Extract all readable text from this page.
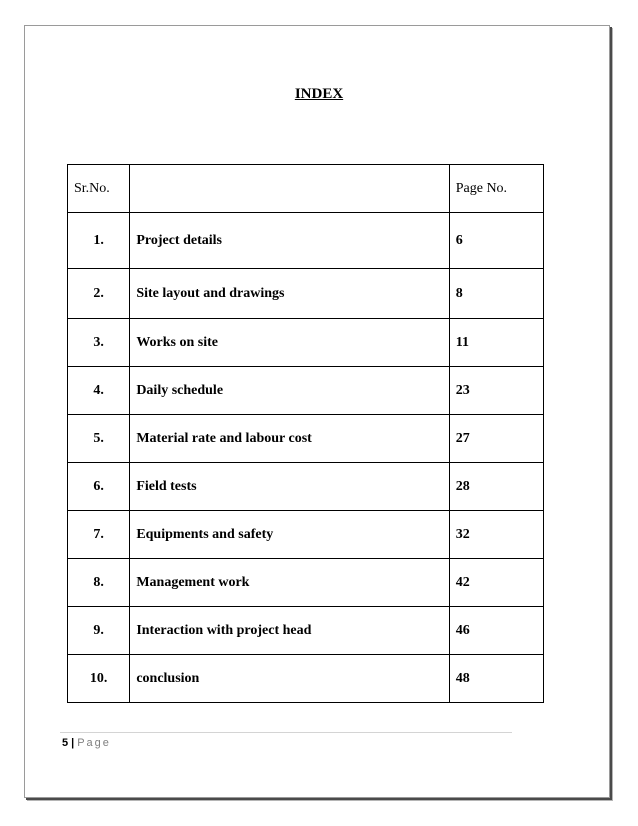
INDEX
Sr.No.		Page No.
1.	Project details	6
2.	Site layout and drawings	8
3.	Works on site	11
4.	Daily schedule	23
5.	Material rate and labour cost	27
6.	Field tests	28
7.	Equipments and safety	32
8.	Management work	42
9.	Interaction with project head	46
10.	conclusion	48
5 | Page
